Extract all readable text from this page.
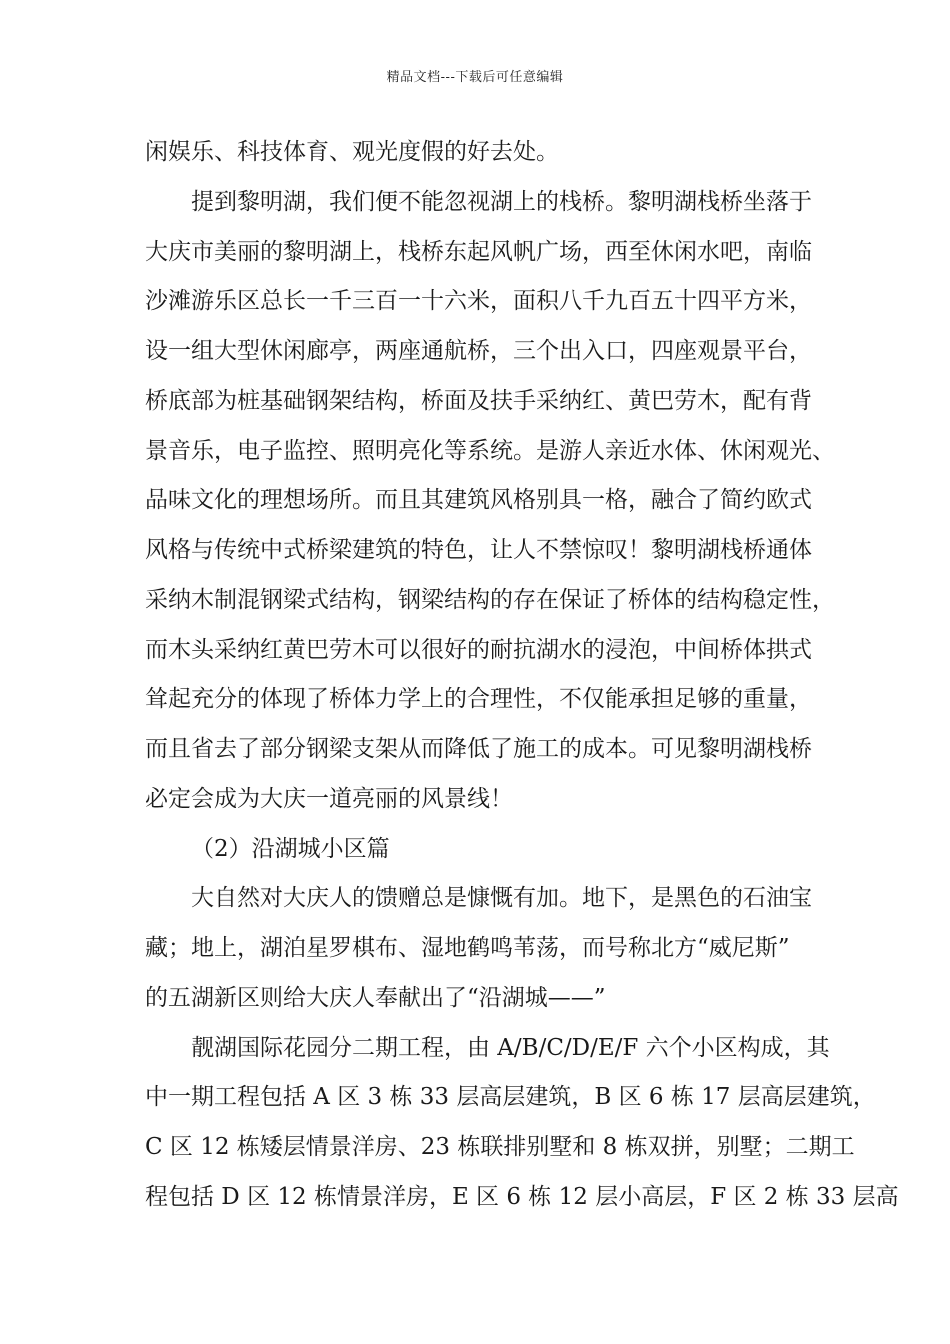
精品文档---下载后可任意编辑
闲娱乐、科技体育、观光度假的好去处。
提到黎明湖，我们便不能忽视湖上的栈桥。黎明湖栈桥坐落于
大庆市美丽的黎明湖上，栈桥东起风帆广场，西至休闲水吧，南临
沙滩游乐区总长一千三百一十六米，面积八千九百五十四平方米，
设一组大型休闲廊亭，两座通航桥，三个出入口，四座观景平台，
桥底部为桩基础钢架结构，桥面及扶手采纳红、黄巴劳木，配有背
景音乐，电子监控、照明亮化等系统。是游人亲近水体、休闲观光、
品味文化的理想场所。而且其建筑风格别具一格，融合了简约欧式
风格与传统中式桥梁建筑的特色，让人不禁惊叹！黎明湖栈桥通体
采纳木制混钢梁式结构，钢梁结构的存在保证了桥体的结构稳定性，
而木头采纳红黄巴劳木可以很好的耐抗湖水的浸泡，中间桥体拱式
耸起充分的体现了桥体力学上的合理性，不仅能承担足够的重量，
而且省去了部分钢梁支架从而降低了施工的成本。可见黎明湖栈桥
必定会成为大庆一道亮丽的风景线！
（2）沿湖城小区篇
大自然对大庆人的馈赠总是慷慨有加。地下，是黑色的石油宝
藏；地上，湖泊星罗棋布、湿地鹤鸣苇荡，而号称北方“威尼斯”
的五湖新区则给大庆人奉献出了“沿湖城——”
靓湖国际花园分二期工程，由 A/B/C/D/E/F 六个小区构成，其
中一期工程包括 A 区 3 栋 33 层高层建筑，B 区 6 栋 17 层高层建筑，
C 区 12 栋矮层情景洋房、23 栋联排别墅和 8 栋双拼，别墅；二期工
程包括 D 区 12 栋情景洋房，E 区 6 栋 12 层小高层，F 区 2 栋 33 层高
